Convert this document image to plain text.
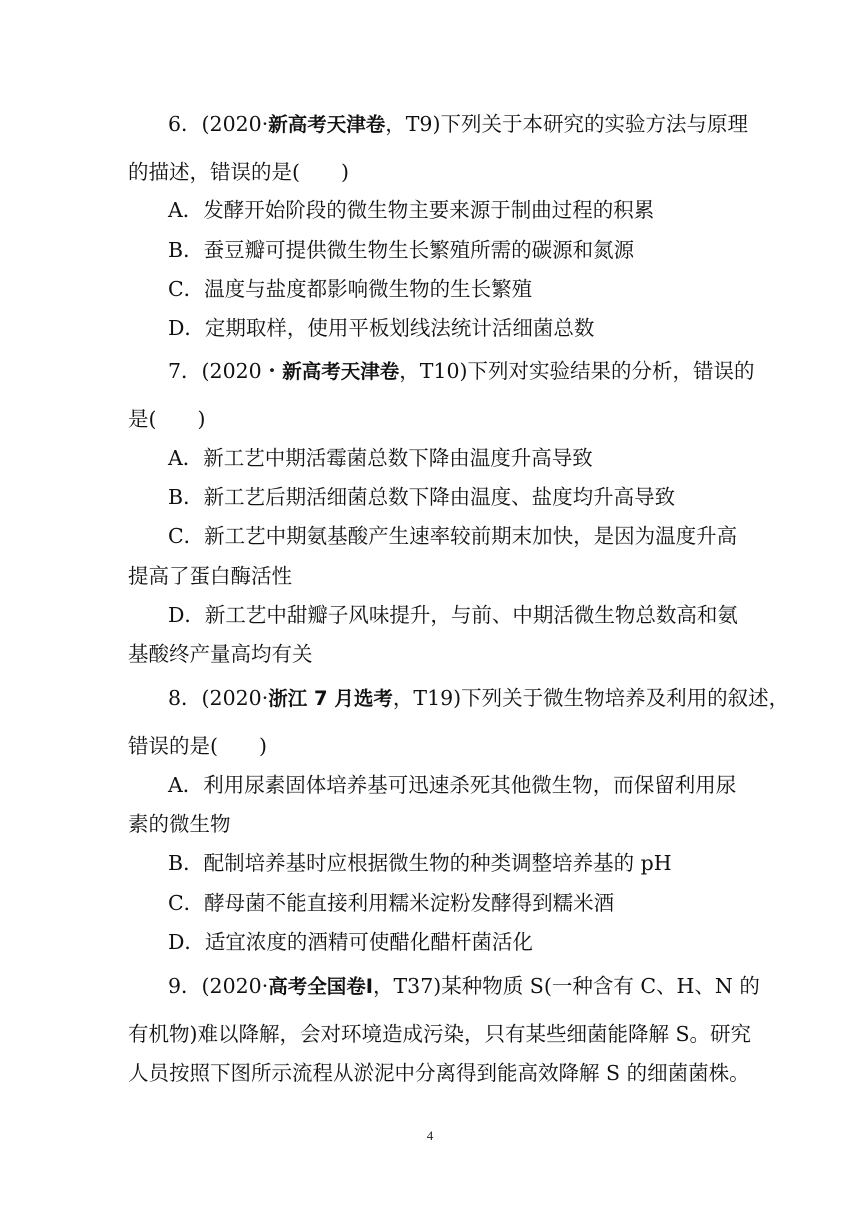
6．(2020·新高考天津卷，T9)下列关于本研究的实验方法与原理
的描述，错误的是(　　)
A．发酵开始阶段的微生物主要来源于制曲过程的积累
B．蚕豆瓣可提供微生物生长繁殖所需的碳源和氮源
C．温度与盐度都影响微生物的生长繁殖
D．定期取样，使用平板划线法统计活细菌总数
7．(2020・新高考天津卷，T10)下列对实验结果的分析，错误的
是(　　)
A．新工艺中期活霉菌总数下降由温度升高导致
B．新工艺后期活细菌总数下降由温度、盐度均升高导致
C．新工艺中期氨基酸产生速率较前期末加快，是因为温度升高
提高了蛋白酶活性
D．新工艺中甜瓣子风味提升，与前、中期活微生物总数高和氨
基酸终产量高均有关
8．(2020·浙江 7 月选考，T19)下列关于微生物培养及利用的叙述，
错误的是(　　)
A．利用尿素固体培养基可迅速杀死其他微生物，而保留利用尿
素的微生物
B．配制培养基时应根据微生物的种类调整培养基的 pH
C．酵母菌不能直接利用糯米淀粉发酵得到糯米酒
D．适宜浓度的酒精可使醋化醋杆菌活化
9．(2020·高考全国卷Ⅰ，T37)某种物质 S(一种含有 C、H、N 的
有机物)难以降解，会对环境造成污染，只有某些细菌能降解 S。研究
人员按照下图所示流程从淤泥中分离得到能高效降解 S 的细菌菌株。
4
